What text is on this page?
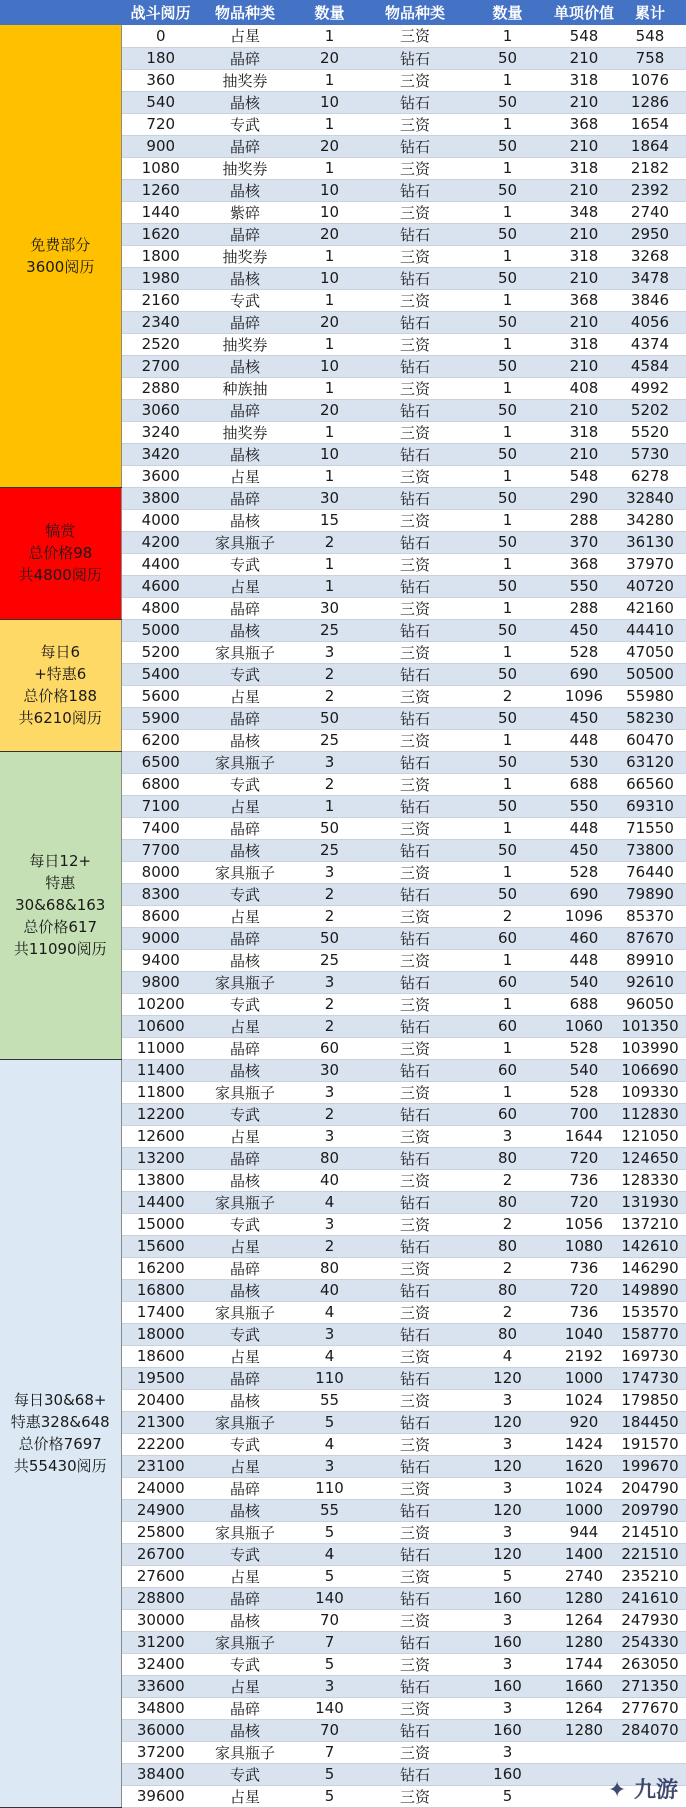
	战斗阅历	物品种类	数量	物品种类	数量	单项价值	累计
免费部分
3600阅历	0	占星	1	三资	1	548	548
	180	晶碎	20	钻石	50	210	758
	360	抽奖券	1	三资	1	318	1076
	540	晶核	10	钻石	50	210	1286
	720	专武	1	三资	1	368	1654
	900	晶碎	20	钻石	50	210	1864
	1080	抽奖券	1	三资	1	318	2182
	1260	晶核	10	钻石	50	210	2392
	1440	紫碎	10	三资	1	348	2740
	1620	晶碎	20	钻石	50	210	2950
	1800	抽奖券	1	三资	1	318	3268
	1980	晶核	10	钻石	50	210	3478
	2160	专武	1	三资	1	368	3846
	2340	晶碎	20	钻石	50	210	4056
	2520	抽奖券	1	三资	1	318	4374
	2700	晶核	10	钻石	50	210	4584
	2880	种族抽	1	三资	1	408	4992
	3060	晶碎	20	钻石	50	210	5202
	3240	抽奖券	1	三资	1	318	5520
	3420	晶核	10	钻石	50	210	5730
	3600	占星	1	三资	1	548	6278
犒赏
总价格98
共4800阅历	3800	晶碎	30	钻石	50	290	32840
	4000	晶核	15	三资	1	288	34280
	4200	家具瓶子	2	钻石	50	370	36130
	4400	专武	1	三资	1	368	37970
	4600	占星	1	钻石	50	550	40720
	4800	晶碎	30	三资	1	288	42160
每日6
+特惠6
总价格188
共6210阅历	5000	晶核	25	钻石	50	450	44410
	5200	家具瓶子	3	三资	1	528	47050
	5400	专武	2	钻石	50	690	50500
	5600	占星	2	三资	2	1096	55980
	5900	晶碎	50	钻石	50	450	58230
	6200	晶核	25	三资	1	448	60470
每日12+
特惠
30&68&163
总价格617
共11090阅历	6500	家具瓶子	3	钻石	50	530	63120
	6800	专武	2	三资	1	688	66560
	7100	占星	1	钻石	50	550	69310
	7400	晶碎	50	三资	1	448	71550
	7700	晶核	25	钻石	50	450	73800
	8000	家具瓶子	3	三资	1	528	76440
	8300	专武	2	钻石	50	690	79890
	8600	占星	2	三资	2	1096	85370
	9000	晶碎	50	钻石	60	460	87670
	9400	晶核	25	三资	1	448	89910
	9800	家具瓶子	3	钻石	60	540	92610
	10200	专武	2	三资	1	688	96050
	10600	占星	2	钻石	60	1060	101350
	11000	晶碎	60	三资	1	528	103990
每日30&68+
特惠328&648
总价格7697
共55430阅历	11400	晶核	30	钻石	60	540	106690
	11800	家具瓶子	3	三资	1	528	109330
	12200	专武	2	钻石	60	700	112830
	12600	占星	3	三资	3	1644	121050
	13200	晶碎	80	钻石	80	720	124650
	13800	晶核	40	三资	2	736	128330
	14400	家具瓶子	4	钻石	80	720	131930
	15000	专武	3	三资	2	1056	137210
	15600	占星	2	钻石	80	1080	142610
	16200	晶碎	80	三资	2	736	146290
	16800	晶核	40	钻石	80	720	149890
	17400	家具瓶子	4	三资	2	736	153570
	18000	专武	3	钻石	80	1040	158770
	18600	占星	4	三资	4	2192	169730
	19500	晶碎	110	钻石	120	1000	174730
	20400	晶核	55	三资	3	1024	179850
	21300	家具瓶子	5	钻石	120	920	184450
	22200	专武	4	三资	3	1424	191570
	23100	占星	3	钻石	120	1620	199670
	24000	晶碎	110	三资	3	1024	204790
	24900	晶核	55	钻石	120	1000	209790
	25800	家具瓶子	5	三资	3	944	214510
	26700	专武	4	钻石	120	1400	221510
	27600	占星	5	三资	5	2740	235210
	28800	晶碎	140	钻石	160	1280	241610
	30000	晶核	70	三资	3	1264	247930
	31200	家具瓶子	7	钻石	160	1280	254330
	32400	专武	5	三资	3	1744	263050
	33600	占星	3	钻石	160	1660	271350
	34800	晶碎	140	三资	3	1264	277670
	36000	晶核	70	钻石	160	1280	284070
	37200	家具瓶子	7	三资	3		
	38400	专武	5	钻石	160		
	39600	占星	5	三资	5			✦ 九游
